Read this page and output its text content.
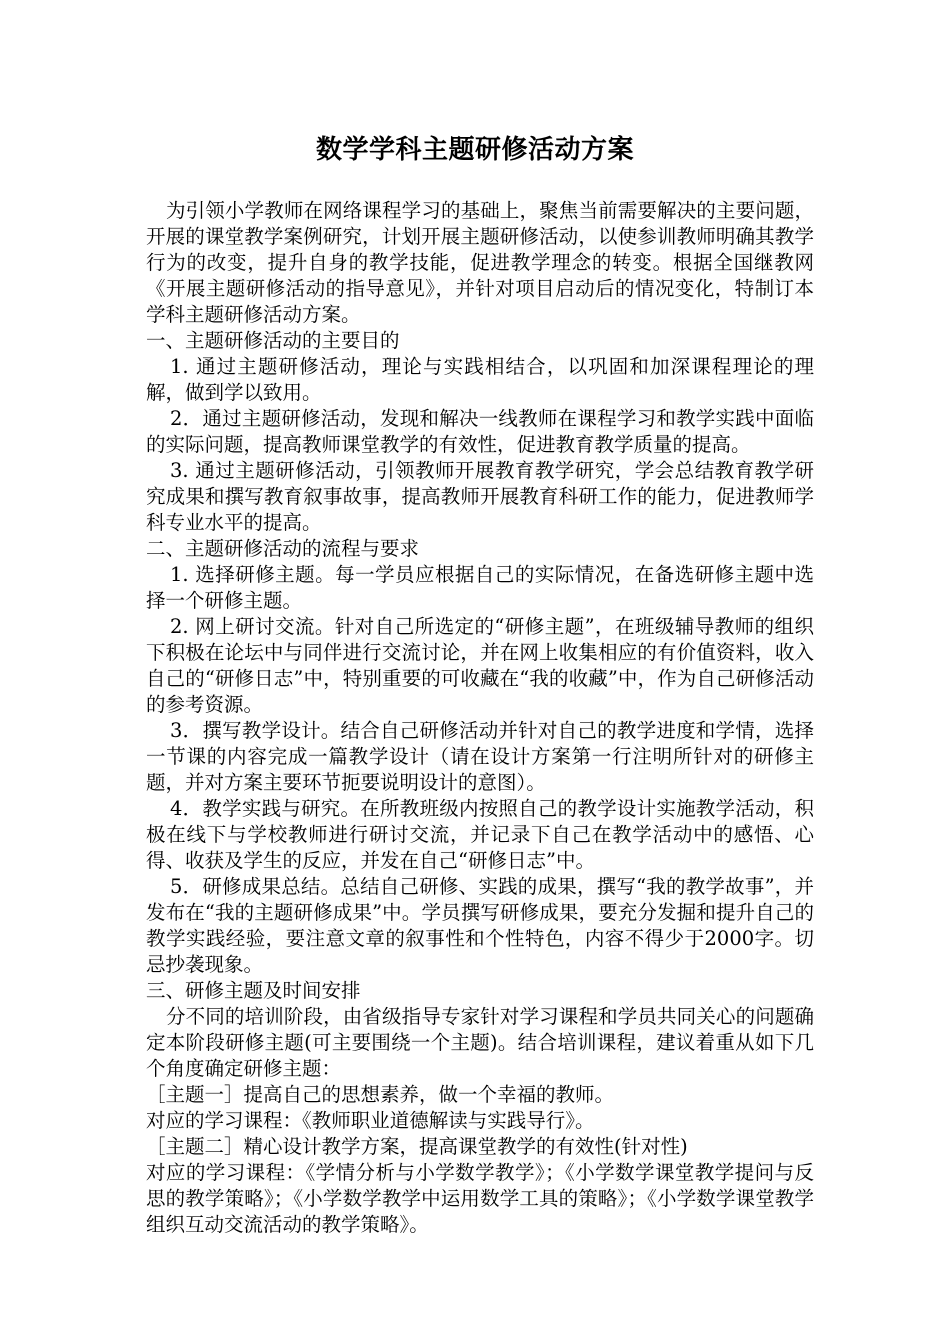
数学学科主题研修活动方案

为引领小学教师在网络课程学习的基础上，聚焦当前需要解决的主要问题，开展的课堂教学案例研究，计划开展主题研修活动，以使参训教师明确其教学行为的改变，提升自身的教学技能，促进教学理念的转变。根据全国继教网《开展主题研修活动的指导意见》，并针对项目启动后的情况变化，特制订本学科主题研修活动方案。

一、主题研修活动的主要目的

1. 通过主题研修活动，理论与实践相结合，以巩固和加深课程理论的理解，做到学以致用。

2．通过主题研修活动，发现和解决一线教师在课程学习和教学实践中面临的实际问题，提高教师课堂教学的有效性，促进教育教学质量的提高。

3. 通过主题研修活动，引领教师开展教育教学研究，学会总结教育教学研究成果和撰写教育叙事故事，提高教师开展教育科研工作的能力，促进教师学科专业水平的提高。

二、主题研修活动的流程与要求

1. 选择研修主题。每一学员应根据自己的实际情况，在备选研修主题中选择一个研修主题。

2. 网上研讨交流。针对自己所选定的“研修主题”，在班级辅导教师的组织下积极在论坛中与同伴进行交流讨论，并在网上收集相应的有价值资料，收入自己的“研修日志”中，特别重要的可收藏在“我的收藏”中，作为自己研修活动的参考资源。

3．撰写教学设计。结合自己研修活动并针对自己的教学进度和学情，选择一节课的内容完成一篇教学设计（请在设计方案第一行注明所针对的研修主题，并对方案主要环节扼要说明设计的意图）。

4．教学实践与研究。在所教班级内按照自己的教学设计实施教学活动，积极在线下与学校教师进行研讨交流，并记录下自己在教学活动中的感悟、心得、收获及学生的反应，并发在自己“研修日志”中。

5．研修成果总结。总结自己研修、实践的成果，撰写“我的教学故事”，并发布在“我的主题研修成果”中。学员撰写研修成果，要充分发掘和提升自己的教学实践经验，要注意文章的叙事性和个性特色，内容不得少于2000字。切忌抄袭现象。

三、研修主题及时间安排

分不同的培训阶段，由省级指导专家针对学习课程和学员共同关心的问题确定本阶段研修主题(可主要围绕一个主题)。结合培训课程，建议着重从如下几个角度确定研修主题：

［主题一］提高自己的思想素养，做一个幸福的教师。

对应的学习课程：《教师职业道德解读与实践导行》。

［主题二］精心设计教学方案，提高课堂教学的有效性(针对性)

对应的学习课程：《学情分析与小学数学教学》；《小学数学课堂教学提问与反思的教学策略》；《小学数学教学中运用数学工具的策略》；《小学数学课堂教学组织互动交流活动的教学策略》。
